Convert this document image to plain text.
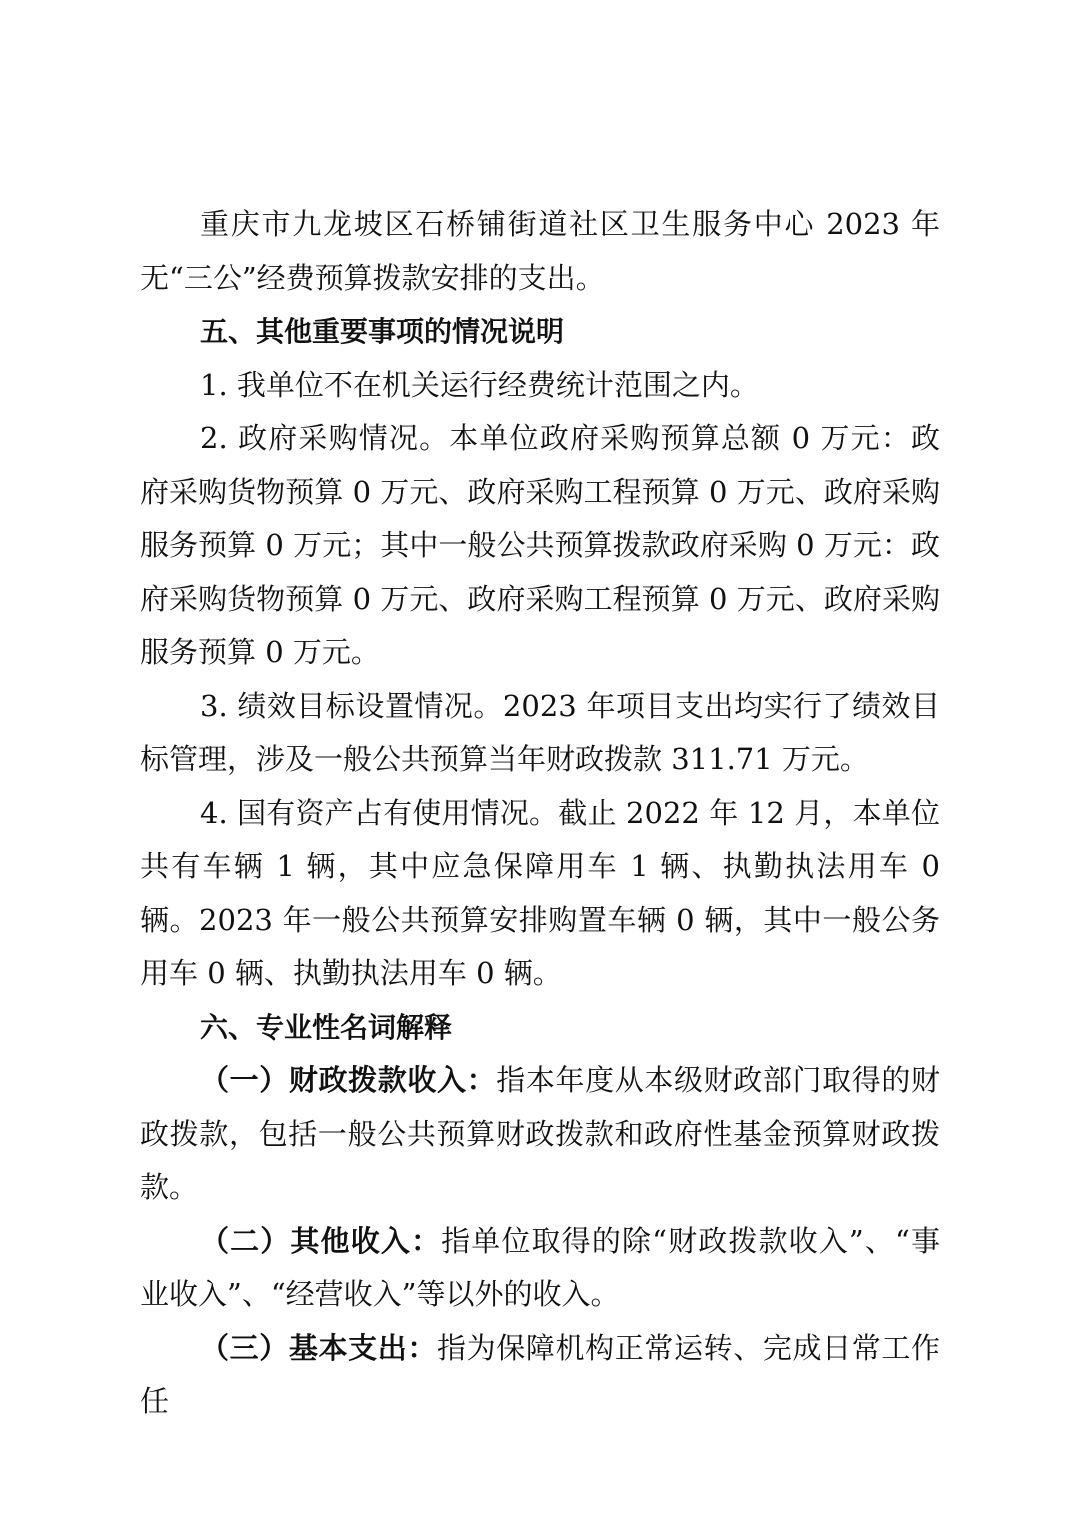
重庆市九龙坡区石桥铺街道社区卫生服务中心 2023 年无“三公”经费预算拨款安排的支出。

五、其他重要事项的情况说明

1. 我单位不在机关运行经费统计范围之内。

2. 政府采购情况。本单位政府采购预算总额 0 万元：政府采购货物预算 0 万元、政府采购工程预算 0 万元、政府采购服务预算 0 万元；其中一般公共预算拨款政府采购 0 万元：政府采购货物预算 0 万元、政府采购工程预算 0 万元、政府采购服务预算 0 万元。

3. 绩效目标设置情况。2023 年项目支出均实行了绩效目标管理，涉及一般公共预算当年财政拨款 311.71 万元。

4. 国有资产占有使用情况。截止 2022 年 12 月，本单位共有车辆 1 辆，其中应急保障用车 1 辆、执勤执法用车 0 辆。2023 年一般公共预算安排购置车辆 0 辆，其中一般公务用车 0 辆、执勤执法用车 0 辆。

六、专业性名词解释

（一）财政拨款收入：指本年度从本级财政部门取得的财政拨款，包括一般公共预算财政拨款和政府性基金预算财政拨款。

（二）其他收入：指单位取得的除“财政拨款收入”、“事业收入”、“经营收入”等以外的收入。

（三）基本支出：指为保障机构正常运转、完成日常工作任
